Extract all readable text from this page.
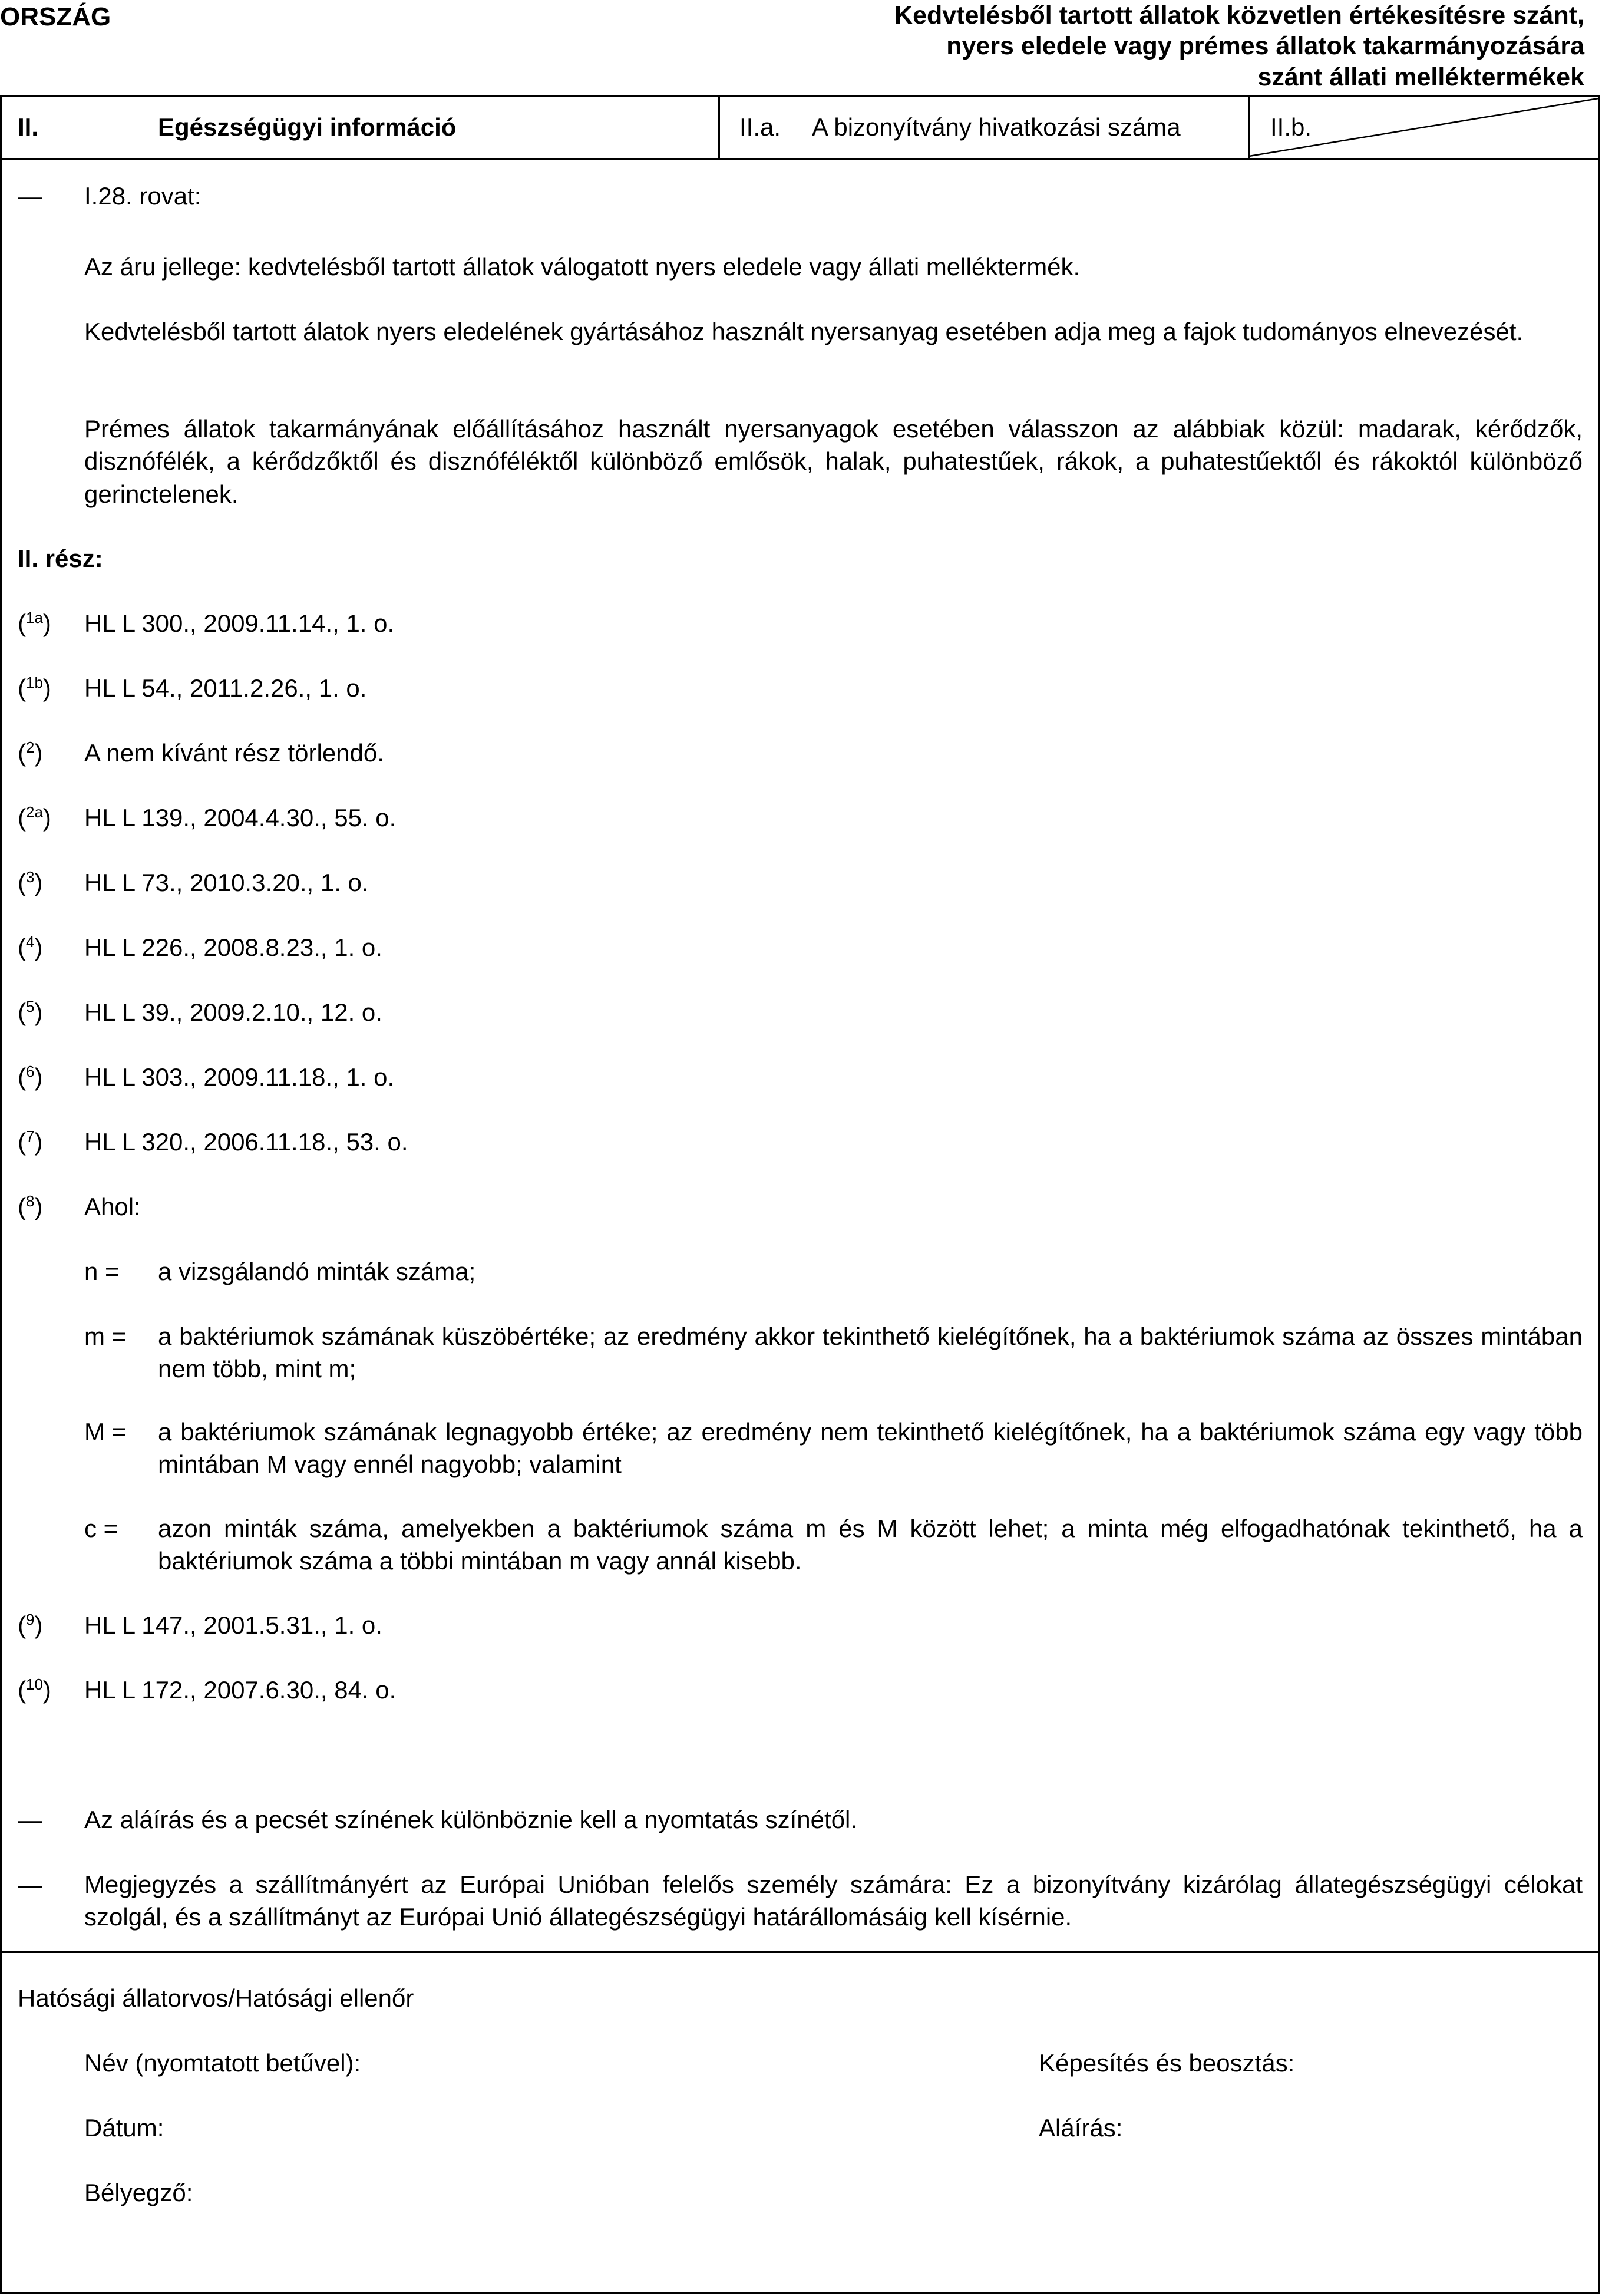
ORSZÁG	Kedvtelésből tartott állatok közvetlen értékesítésre szánt,
nyers eledele vagy prémes állatok takarmányozására
szánt állati melléktermékek
II.	Egészségügyi információ	II.a. A bizonyítvány hivatkozási száma	II.b.
— I.28. rovat:
Az áru jellege: kedvtelésből tartott állatok válogatott nyers eledele vagy állati melléktermék.
Kedvtelésből tartott álatok nyers eledelének gyártásához használt nyersanyag esetében adja meg a fajok tudományos elnevezését.
Prémes állatok takarmányának előállításához használt nyersanyagok esetében válasszon az alábbiak közül: madarak, kérődzők, disznófélék, a kérődzőktől és disznóféléktől különböző emlősök, halak, puhatestűek, rákok, a puhatestűektől és rákoktól különböző gerinctelenek.
II. rész:
($^{1a}$) HL L 300., 2009.11.14., 1. o.
($^{1b}$) HL L 54., 2011.2.26., 1. o.
($^2$) A nem kívánt rész törlendő.
($^{2a}$) HL L 139., 2004.4.30., 55. o.
($^3$) HL L 73., 2010.3.20., 1. o.
($^4$) HL L 226., 2008.8.23., 1. o.
($^5$) HL L 39., 2009.2.10., 12. o.
($^6$) HL L 303., 2009.11.18., 1. o.
($^7$) HL L 320., 2006.11.18., 53. o.
($^8$) Ahol:
n = a vizsgálandó minták száma;
m = a baktériumok számának küszöbértéke; az eredmény akkor tekinthető kielégítőnek, ha a baktériumok száma az összes mintában nem több, mint m;
M = a baktériumok számának legnagyobb értéke; az eredmény nem tekinthető kielégítőnek, ha a baktériumok száma egy vagy több mintában M vagy ennél nagyobb; valamint
c = azon minták száma, amelyekben a baktériumok száma m és M között lehet; a minta még elfogadhatónak tekinthető, ha a baktériumok száma a többi mintában m vagy annál kisebb.
($^9$) HL L 147., 2001.5.31., 1. o.
($^{10}$) HL L 172., 2007.6.30., 84. o.
— Az aláírás és a pecsét színének különböznie kell a nyomtatás színétől.
— Megjegyzés a szállítmányért az Európai Unióban felelős személy számára: Ez a bizonyítvány kizárólag állategészségügyi célokat szolgál, és a szállítmányt az Európai Unió állategészségügyi határállomásáig kell kísérnie.
Hatósági állatorvos/Hatósági ellenőr
Név (nyomtatott betűvel):	Képesítés és beosztás:
Dátum:	Aláírás:
Bélyegző:
